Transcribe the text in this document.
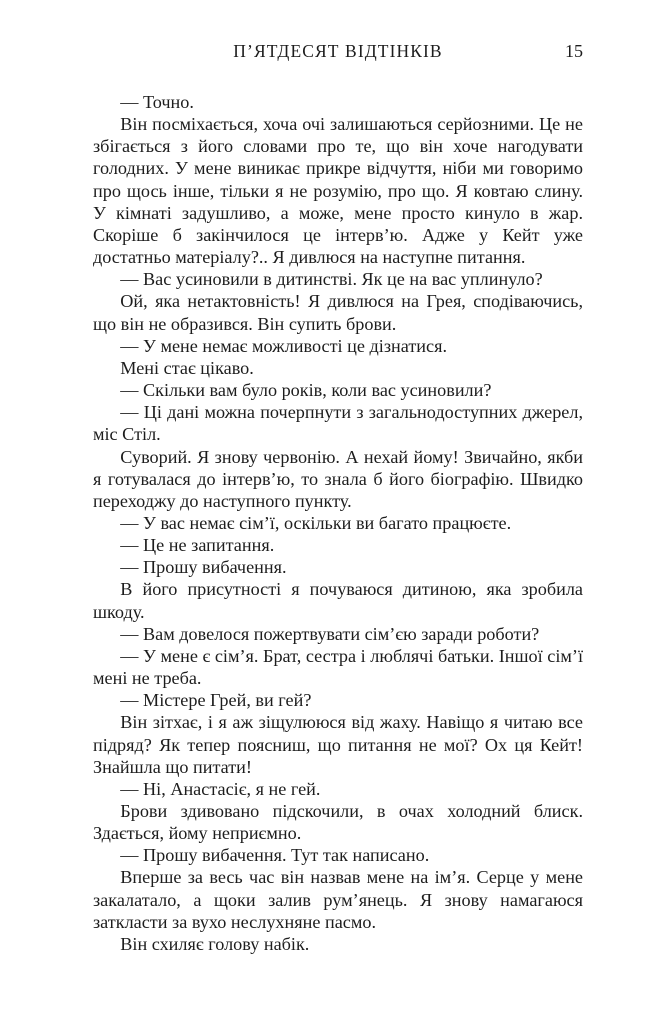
П’ЯТДЕСЯТ ВІДТІНКІВ	15

— Точно.

Він посміхається, хоча очі залишаються серйозними. Це не збігається з його словами про те, що він хоче нагодувати голодних. У мене виникає прикре відчуття, ніби ми говоримо про щось інше, тільки я не розумію, про що. Я ковтаю слину. У кімнаті задушливо, а може, мене просто кинуло в жар. Скоріше б закінчилося це інтерв’ю. Адже у Кейт уже достатньо матеріалу?.. Я дивлюся на наступне питання.

— Вас усиновили в дитинстві. Як це на вас уплинуло?

Ой, яка нетактовність! Я дивлюся на Грея, сподіваючись, що він не образився. Він супить брови.

— У мене немає можливості це дізнатися.

Мені стає цікаво.

— Скільки вам було років, коли вас усиновили?

— Ці дані можна почерпнути з загальнодоступних джерел, міс Стіл.

Суворий. Я знову червонію. А нехай йому! Звичайно, якби я готувалася до інтерв’ю, то знала б його біографію. Швидко переходжу до наступного пункту.

— У вас немає сім’ї, оскільки ви багато працюєте.

— Це не запитання.

— Прошу вибачення.

В його присутності я почуваюся дитиною, яка зробила шкоду.

— Вам довелося пожертвувати сім’єю заради роботи?

— У мене є сім’я. Брат, сестра і люблячі батьки. Іншої сім’ї мені не треба.

— Містере Грей, ви гей?

Він зітхає, і я аж зіщулююся від жаху. Навіщо я читаю все підряд? Як тепер поясниш, що питання не мої? Ох ця Кейт! Знайшла що питати!

— Ні, Анастасіє, я не гей.

Брови здивовано підскочили, в очах холодний блиск. Здається, йому неприємно.

— Прошу вибачення. Тут так написано.

Вперше за весь час він назвав мене на ім’я. Серце у мене закалатало, а щоки залив рум’янець. Я знову намагаюся заткласти за вухо неслухняне пасмо.

Він схиляє голову набік.
